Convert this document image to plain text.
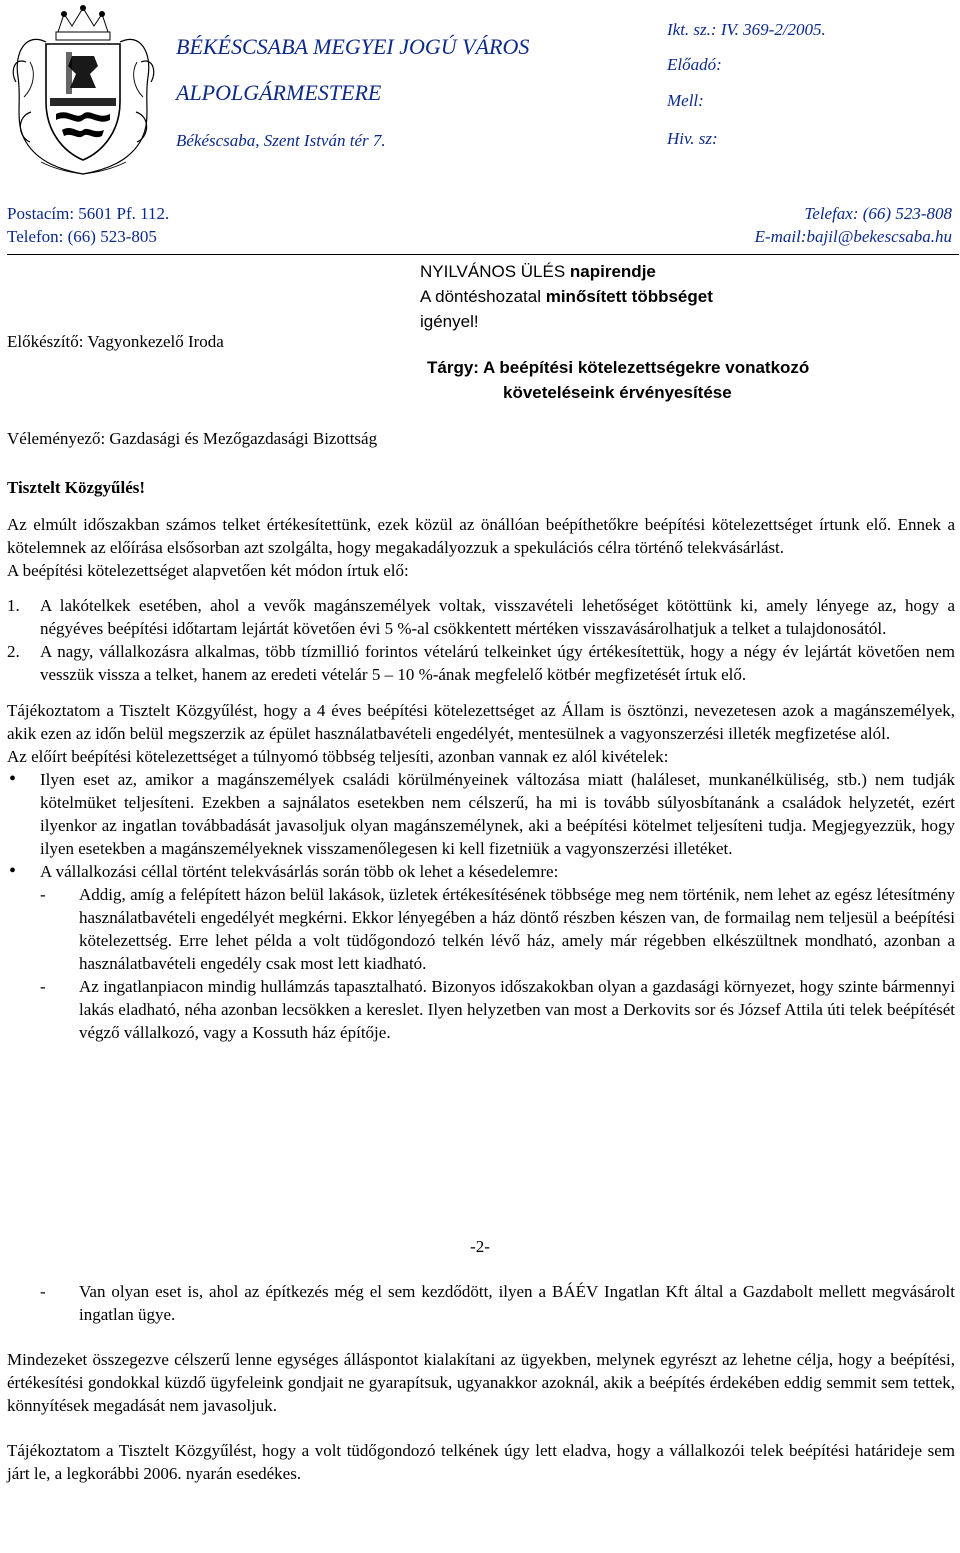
BÉKÉSCSABA MEGYEI JOGÚ VÁROS
ALPOLGÁRMESTERE
Békéscsaba, Szent István tér 7.
Ikt. sz.: IV. 369-2/2005.
Előadó:
Mell:
Hiv. sz:
Postacím: 5601 Pf. 112.
Telefon: (66) 523-805
Telefax: (66) 523-808
E-mail:bajil@bekescsaba.hu
NYILVÁNOS ÜLÉS napirendje
A döntéshozatal minősített többséget
igényel!
Előkészítő: Vagyonkezelő Iroda
Tárgy: A beépítési kötelezettségekre vonatkozó
követeléseink érvényesítése
Véleményező: Gazdasági és Mezőgazdasági Bizottság

Tisztelt Közgyűlés!

Az elmúlt időszakban számos telket értékesítettünk, ezek közül az önállóan beépíthetőkre beépítési kötelezettséget írtunk elő. Ennek a kötelemnek az előírása elsősorban azt szolgálta, hogy megakadályozzuk a spekulációs célra történő telekvásárlást.

A beépítési kötelezettséget alapvetően két módon írtuk elő:

1. A lakótelkek esetében, ahol a vevők magánszemélyek voltak, visszavételi lehetőséget kötöttünk ki, amely lényege az, hogy a négyéves beépítési időtartam lejártát követően évi 5 %-al csökkentett mértéken visszavásárolhatjuk a telket a tulajdonosától.
2. A nagy, vállalkozásra alkalmas, több tízmillió forintos vételárú telkeinket úgy értékesítettük, hogy a négy év lejártát követően nem vesszük vissza a telket, hanem az eredeti vételár 5 – 10 %-ának megfelelő kötbér megfizetését írtuk elő.

Tájékoztatom a Tisztelt Közgyűlést, hogy a 4 éves beépítési kötelezettséget az Állam is ösztönzi, nevezetesen azok a magánszemélyek, akik ezen az időn belül megszerzik az épület használatbavételi engedélyét, mentesülnek a vagyonszerzési illeték megfizetése alól.

Az előírt beépítési kötelezettséget a túlnyomó többség teljesíti, azonban vannak ez alól kivételek:

• Ilyen eset az, amikor a magánszemélyek családi körülményeinek változása miatt (haláleset, munkanélküliség, stb.) nem tudják kötelmüket teljesíteni. Ezekben a sajnálatos esetekben nem célszerű, ha mi is tovább súlyosbítanánk a családok helyzetét, ezért ilyenkor az ingatlan továbbadását javasoljuk olyan magánszemélynek, aki a beépítési kötelmet teljesíteni tudja. Megjegyezzük, hogy ilyen esetekben a magánszemélyeknek visszamenőlegesen ki kell fizetniük a vagyonszerzési illetéket.
• A vállalkozási céllal történt telekvásárlás során több ok lehet a késedelemre:
- Addig, amíg a felépített házon belül lakások, üzletek értékesítésének többsége meg nem történik, nem lehet az egész létesítmény használatbavételi engedélyét megkérni. Ekkor lényegében a ház döntő részben készen van, de formailag nem teljesül a beépítési kötelezettség. Erre lehet példa a volt tüdőgondozó telkén lévő ház, amely már régebben elkészültnek mondható, azonban a használatbavételi engedély csak most lett kiadható.
- Az ingatlanpiacon mindig hullámzás tapasztalható. Bizonyos időszakokban olyan a gazdasági környezet, hogy szinte bármennyi lakás eladható, néha azonban lecsökken a kereslet. Ilyen helyzetben van most a Derkovits sor és József Attila úti telek beépítését végző vállalkozó, vagy a Kossuth ház építője.
-2-
- Van olyan eset is, ahol az építkezés még el sem kezdődött, ilyen a BÁÉV Ingatlan Kft által a Gazdabolt mellett megvásárolt ingatlan ügye.

Mindezeket összegezve célszerű lenne egységes álláspontot kialakítani az ügyekben, melynek egyrészt az lehetne célja, hogy a beépítési, értékesítési gondokkal küzdő ügyfeleink gondjait ne gyarapítsuk, ugyanakkor azoknál, akik a beépítés érdekében eddig semmit sem tettek, könnyítések megadását nem javasoljuk.

Tájékoztatom a Tisztelt Közgyűlést, hogy a volt tüdőgondozó telkének úgy lett eladva, hogy a vállalkozói telek beépítési határideje sem járt le, a legkorábbi 2006. nyarán esedékes.
